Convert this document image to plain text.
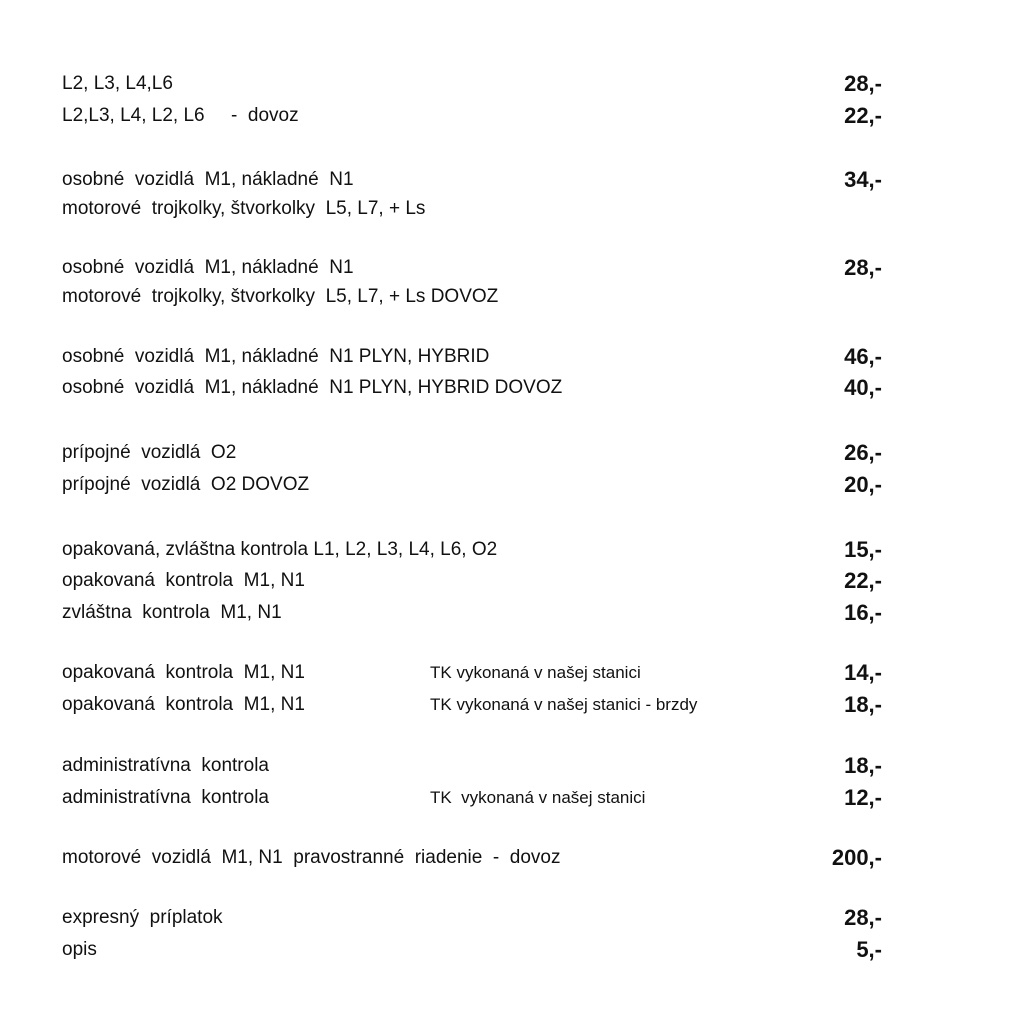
L2, L3, L4,L6	28,-
L2,L3, L4, L2, L6     -  dovoz	22,-
osobné  vozidlá  M1, nákladné  N1	34,-
motorové  trojkolky, štvorkolky  L5, L7, + Ls
osobné  vozidlá  M1, nákladné  N1	28,-
motorové  trojkolky, štvorkolky  L5, L7, + Ls DOVOZ
osobné  vozidlá  M1, nákladné  N1 PLYN, HYBRID	46,-
osobné  vozidlá  M1, nákladné  N1 PLYN, HYBRID DOVOZ	40,-
prípojné  vozidlá  O2	26,-
prípojné  vozidlá  O2 DOVOZ	20,-
opakovaná, zvláštna kontrola L1, L2, L3, L4, L6, O2	15,-
opakovaná  kontrola  M1, N1	22,-
zvláštna  kontrola  M1, N1	16,-
opakovaná  kontrola  M1, N1	TK vykonaná v našej stanici	14,-
opakovaná  kontrola  M1, N1	TK vykonaná v našej stanici - brzdy	18,-
administratívna  kontrola	18,-
administratívna  kontrola	TK  vykonaná v našej stanici	12,-
motorové  vozidlá  M1, N1  pravostranné  riadenie  -  dovoz	200,-
expresný  príplatok	28,-
opis	5,-
